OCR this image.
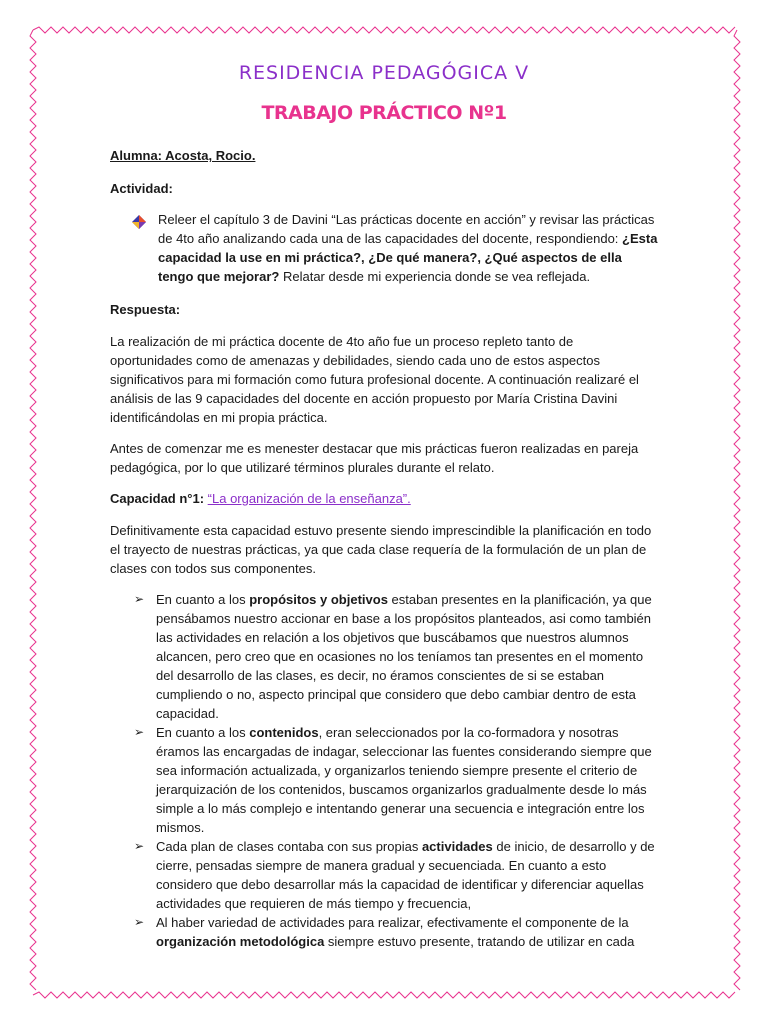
RESIDENCIA PEDAGÓGICA V
TRABAJO PRÁCTICO Nº1

Alumna: Acosta, Rocio.

Actividad:

Releer el capítulo 3 de Davini “Las prácticas docente en acción” y revisar las prácticas de 4to año analizando cada una de las capacidades del docente, respondiendo: ¿Esta capacidad la use en mi práctica?, ¿De qué manera?, ¿Qué aspectos de ella tengo que mejorar? Relatar desde mi experiencia donde se vea reflejada.

Respuesta:

La realización de mi práctica docente de 4to año fue un proceso repleto tanto de oportunidades como de amenazas y debilidades, siendo cada uno de estos aspectos significativos para mi formación como futura profesional docente. A continuación realizaré el análisis de las 9 capacidades del docente en acción propuesto por María Cristina Davini identificándolas en mi propia práctica.

Antes de comenzar me es menester destacar que mis prácticas fueron realizadas en pareja pedagógica, por lo que utilizaré términos plurales durante el relato.

Capacidad n°1: “La organización de la enseñanza”.

Definitivamente esta capacidad estuvo presente siendo imprescindible la planificación en todo el trayecto de nuestras prácticas, ya que cada clase requería de la formulación de un plan de clases con todos sus componentes.

➢ En cuanto a los propósitos y objetivos estaban presentes en la planificación, ya que pensábamos nuestro accionar en base a los propósitos planteados, asi como también las actividades en relación a los objetivos que buscábamos que nuestros alumnos alcancen, pero creo que en ocasiones no los teníamos tan presentes en el momento del desarrollo de las clases, es decir, no éramos conscientes de si se estaban cumpliendo o no, aspecto principal que considero que debo cambiar dentro de esta capacidad.
➢ En cuanto a los contenidos, eran seleccionados por la co-formadora y nosotras éramos las encargadas de indagar, seleccionar las fuentes considerando siempre que sea información actualizada, y organizarlos teniendo siempre presente el criterio de jerarquización de los contenidos, buscamos organizarlos gradualmente desde lo más simple a lo más complejo e intentando generar una secuencia e integración entre los mismos.
➢ Cada plan de clases contaba con sus propias actividades de inicio, de desarrollo y de cierre, pensadas siempre de manera gradual y secuenciada. En cuanto a esto considero que debo desarrollar más la capacidad de identificar y diferenciar aquellas actividades que requieren de más tiempo y frecuencia,
➢ Al haber variedad de actividades para realizar, efectivamente el componente de la organización metodológica siempre estuvo presente, tratando de utilizar en cada
